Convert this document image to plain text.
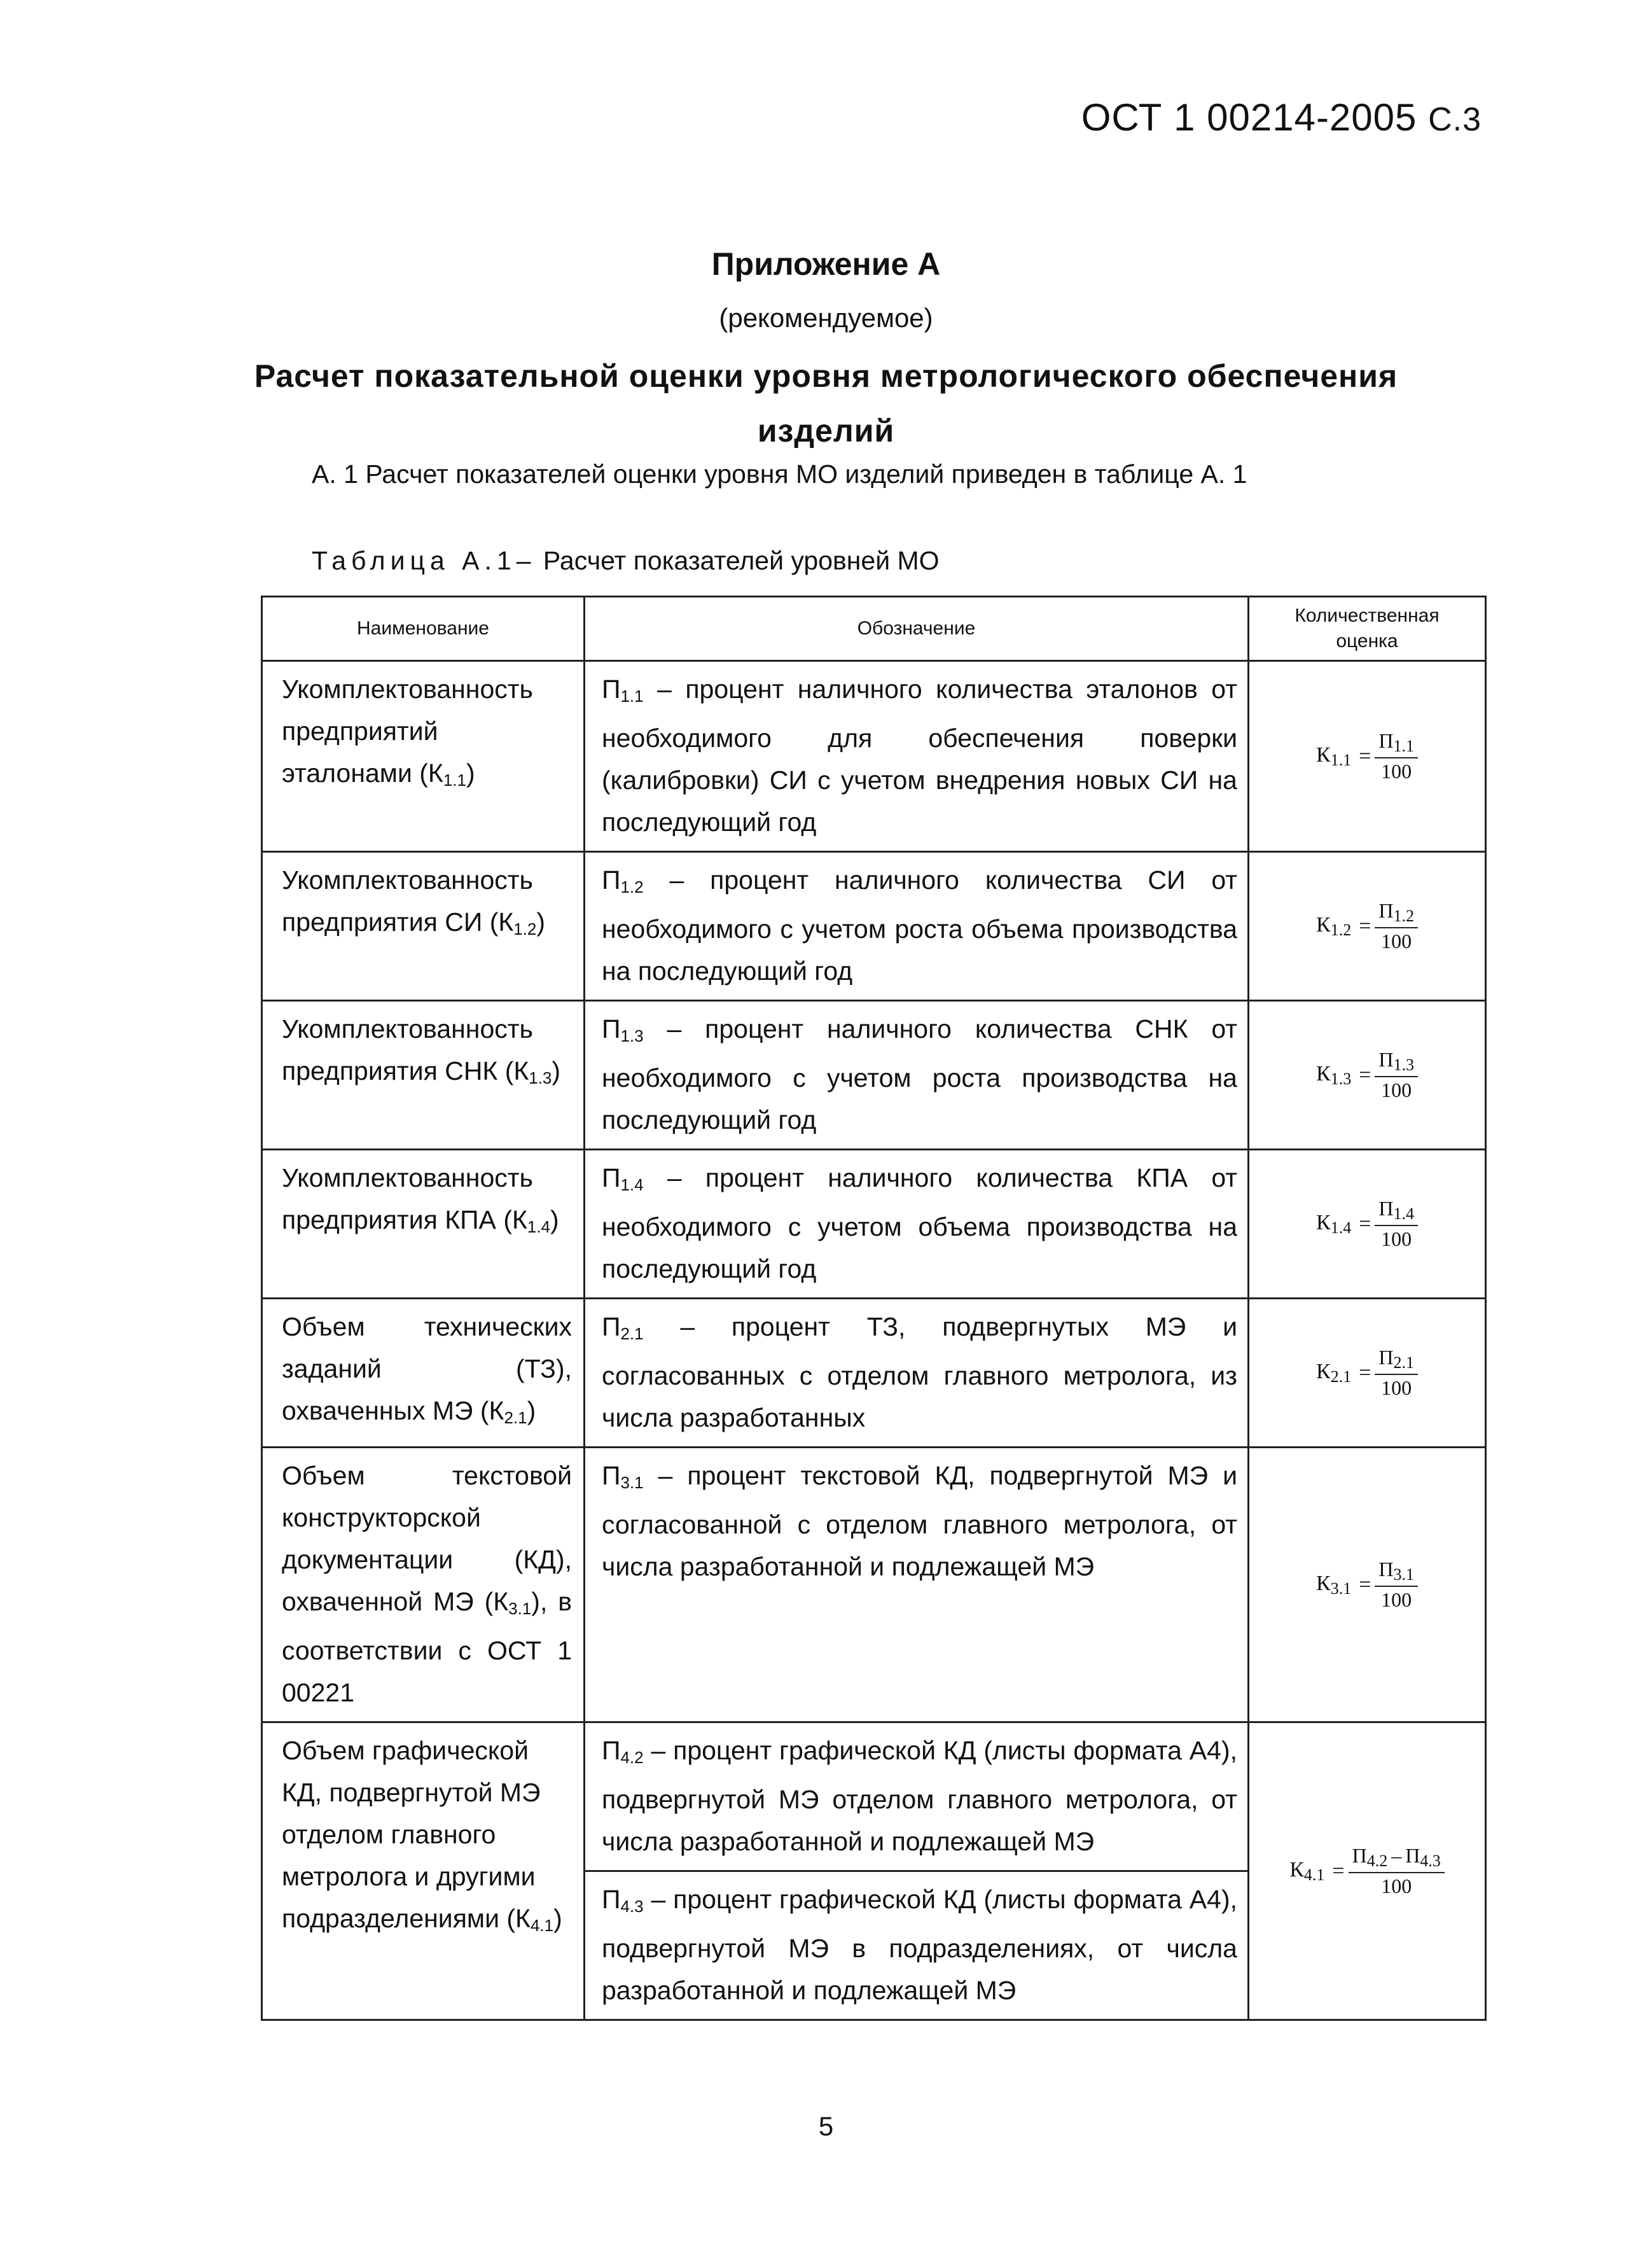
ОСТ 1 00214-2005 С.3
Приложение А
(рекомендуемое)
Расчет показательной оценки уровня метрологического обеспечения
изделий
А. 1 Расчет показателей оценки уровня МО изделий приведен в таблице А. 1
Таблица А.1– Расчет показателей уровней МО
Наименование	Обозначение	Количественная оценка

Укомплектованность предприятий эталонами $(К_{1.1})$	$П_{1.1}$ – процент наличного количества эталонов от необходимого для обеспечения поверки (калибровки) СИ с учетом внедрения новых СИ на последующий год	$К_{1.1} = \frac{П_{1.1}}{100}$

Укомплектованность предприятия СИ $(К_{1.2})$	$П_{1.2}$ – процент наличного количества СИ от необходимого с учетом роста объема производства на последующий год	$К_{1.2} = \frac{П_{1.2}}{100}$

Укомплектованность предприятия СНК $(К_{1.3})$	$П_{1.3}$ – процент наличного количества СНК от необходимого с учетом роста производства на последующий год	$К_{1.3} = \frac{П_{1.3}}{100}$

Укомплектованность предприятия КПА $(К_{1.4})$	$П_{1.4}$ – процент наличного количества КПА от необходимого с учетом объема производства на последующий год	$К_{1.4} = \frac{П_{1.4}}{100}$

Объем технических заданий (ТЗ), охваченных МЭ $(К_{2.1})$	$П_{2.1}$ – процент ТЗ, подвергнутых МЭ и согласованных с отделом главного метролога, из числа разработанных	$К_{2.1} = \frac{П_{2.1}}{100}$

Объем текстовой конструкторской документации (КД), охваченной МЭ $(К_{3.1})$, в соответствии с ОСТ 1 00221	$П_{3.1}$ – процент текстовой КД, подвергнутой МЭ и согласованной с отделом главного метролога, от числа разработанной и подлежащей МЭ	$К_{3.1} = \frac{П_{3.1}}{100}$

Объем графической КД, подвергнутой МЭ отделом главного метролога и другими подразделениями $(К_{4.1})$	$П_{4.2}$ – процент графической КД (листы формата А4), подвергнутой МЭ отделом главного метролога, от числа разработанной и подлежащей МЭ	$К_{4.1} = \frac{П_{4.2} - П_{4.3}}{100}$

	$П_{4.3}$ – процент графической КД (листы формата А4), подвергнутой МЭ в подразделениях, от числа разработанной и подлежащей МЭ	
5
